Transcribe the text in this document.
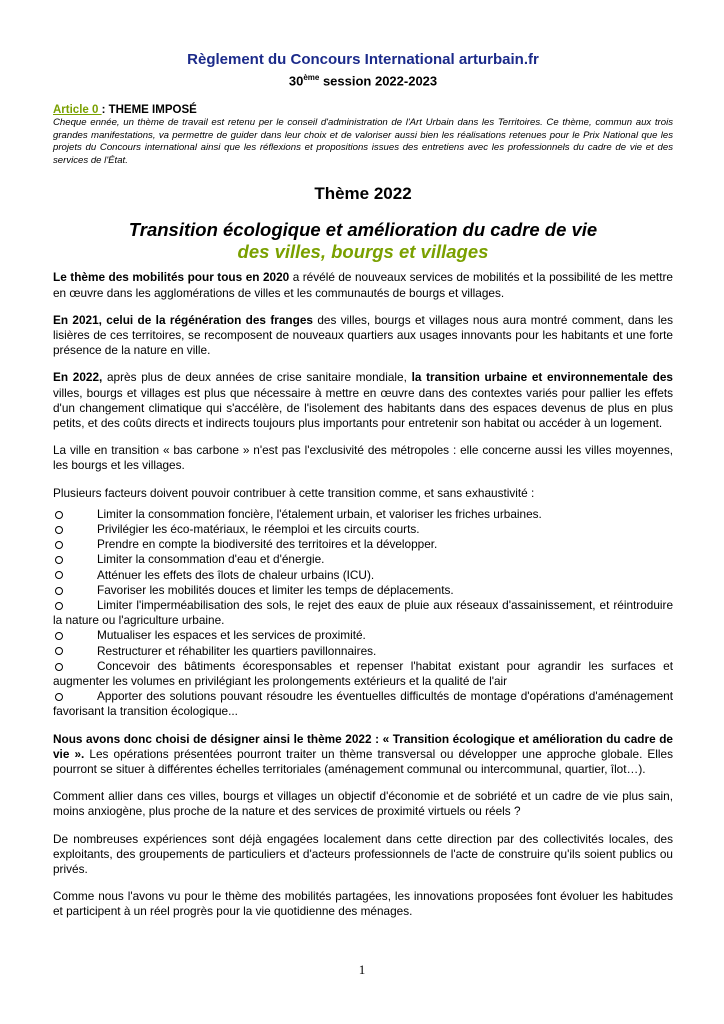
Règlement du Concours International arturbain.fr
30ème session 2022-2023
Article 0 : THEME IMPOSÉ
Cheque ennée, un thème de travail est retenu per le conseil d'administration de l'Art Urbain dans les Territoires. Ce thème, commun aux trois grandes manifestations, va permettre de guider dans leur choix et de valoriser aussi bien les réalisations retenues pour le Prix National que les projets du Concours international ainsi que les réflexions et propositions issues des entretiens avec les professionnels du cadre de vie et des services de l'État.
Thème 2022
Transition écologique et amélioration du cadre de vie
des villes, bourgs et villages

Le thème des mobilités pour tous en 2020 a révélé de nouveaux services de mobilités et la possibilité de les mettre en œuvre dans les agglomérations de villes et les communautés de bourgs et villages.

En 2021, celui de la régénération des franges des villes, bourgs et villages nous aura montré comment, dans les lisières de ces territoires, se recomposent de nouveaux quartiers aux usages innovants pour les habitants et une forte présence de la nature en ville.

En 2022, après plus de deux années de crise sanitaire mondiale, la transition urbaine et environnementale des villes, bourgs et villages est plus que nécessaire à mettre en œuvre dans des contextes variés pour pallier les effets d'un changement climatique qui s'accélère, de l'isolement des habitants dans des espaces devenus de plus en plus petits, et des coûts directs et indirects toujours plus importants pour entretenir son habitat ou accéder à un logement.

La ville en transition « bas carbone » n'est pas l'exclusivité des métropoles : elle concerne aussi les villes moyennes, les bourgs et les villages.

Plusieurs facteurs doivent pouvoir contribuer à cette transition comme, et sans exhaustivité :

Limiter la consommation foncière, l'étalement urbain, et valoriser les friches urbaines.
Privilégier les éco-matériaux, le réemploi et les circuits courts.
Prendre en compte la biodiversité des territoires et la développer.
Limiter la consommation d'eau et d'énergie.
Atténuer les effets des îlots de chaleur urbains (ICU).
Favoriser les mobilités douces et limiter les temps de déplacements.
Limiter l'imperméabilisation des sols, le rejet des eaux de pluie aux réseaux d'assainissement, et réintroduire la nature ou l'agriculture urbaine.
Mutualiser les espaces et les services de proximité.
Restructurer et réhabiliter les quartiers pavillonnaires.
Concevoir des bâtiments écoresponsables et repenser l'habitat existant pour agrandir les surfaces et augmenter les volumes en privilégiant les prolongements extérieurs et la qualité de l'air
Apporter des solutions pouvant résoudre les éventuelles difficultés de montage d'opérations d'aménagement favorisant la transition écologique...

Nous avons donc choisi de désigner ainsi le thème 2022 : « Transition écologique et amélioration du cadre de vie ». Les opérations présentées pourront traiter un thème transversal ou développer une approche globale. Elles pourront se situer à différentes échelles territoriales (aménagement communal ou intercommunal, quartier, îlot…).

Comment allier dans ces villes, bourgs et villages un objectif d'économie et de sobriété et un cadre de vie plus sain, moins anxiogène, plus proche de la nature et des services de proximité virtuels ou réels ?

De nombreuses expériences sont déjà engagées localement dans cette direction par des collectivités locales, des exploitants, des groupements de particuliers et d'acteurs professionnels de l'acte de construire qu'ils soient publics ou privés.

Comme nous l'avons vu pour le thème des mobilités partagées, les innovations proposées font évoluer les habitudes et participent à un réel progrès pour la vie quotidienne des ménages.

1
